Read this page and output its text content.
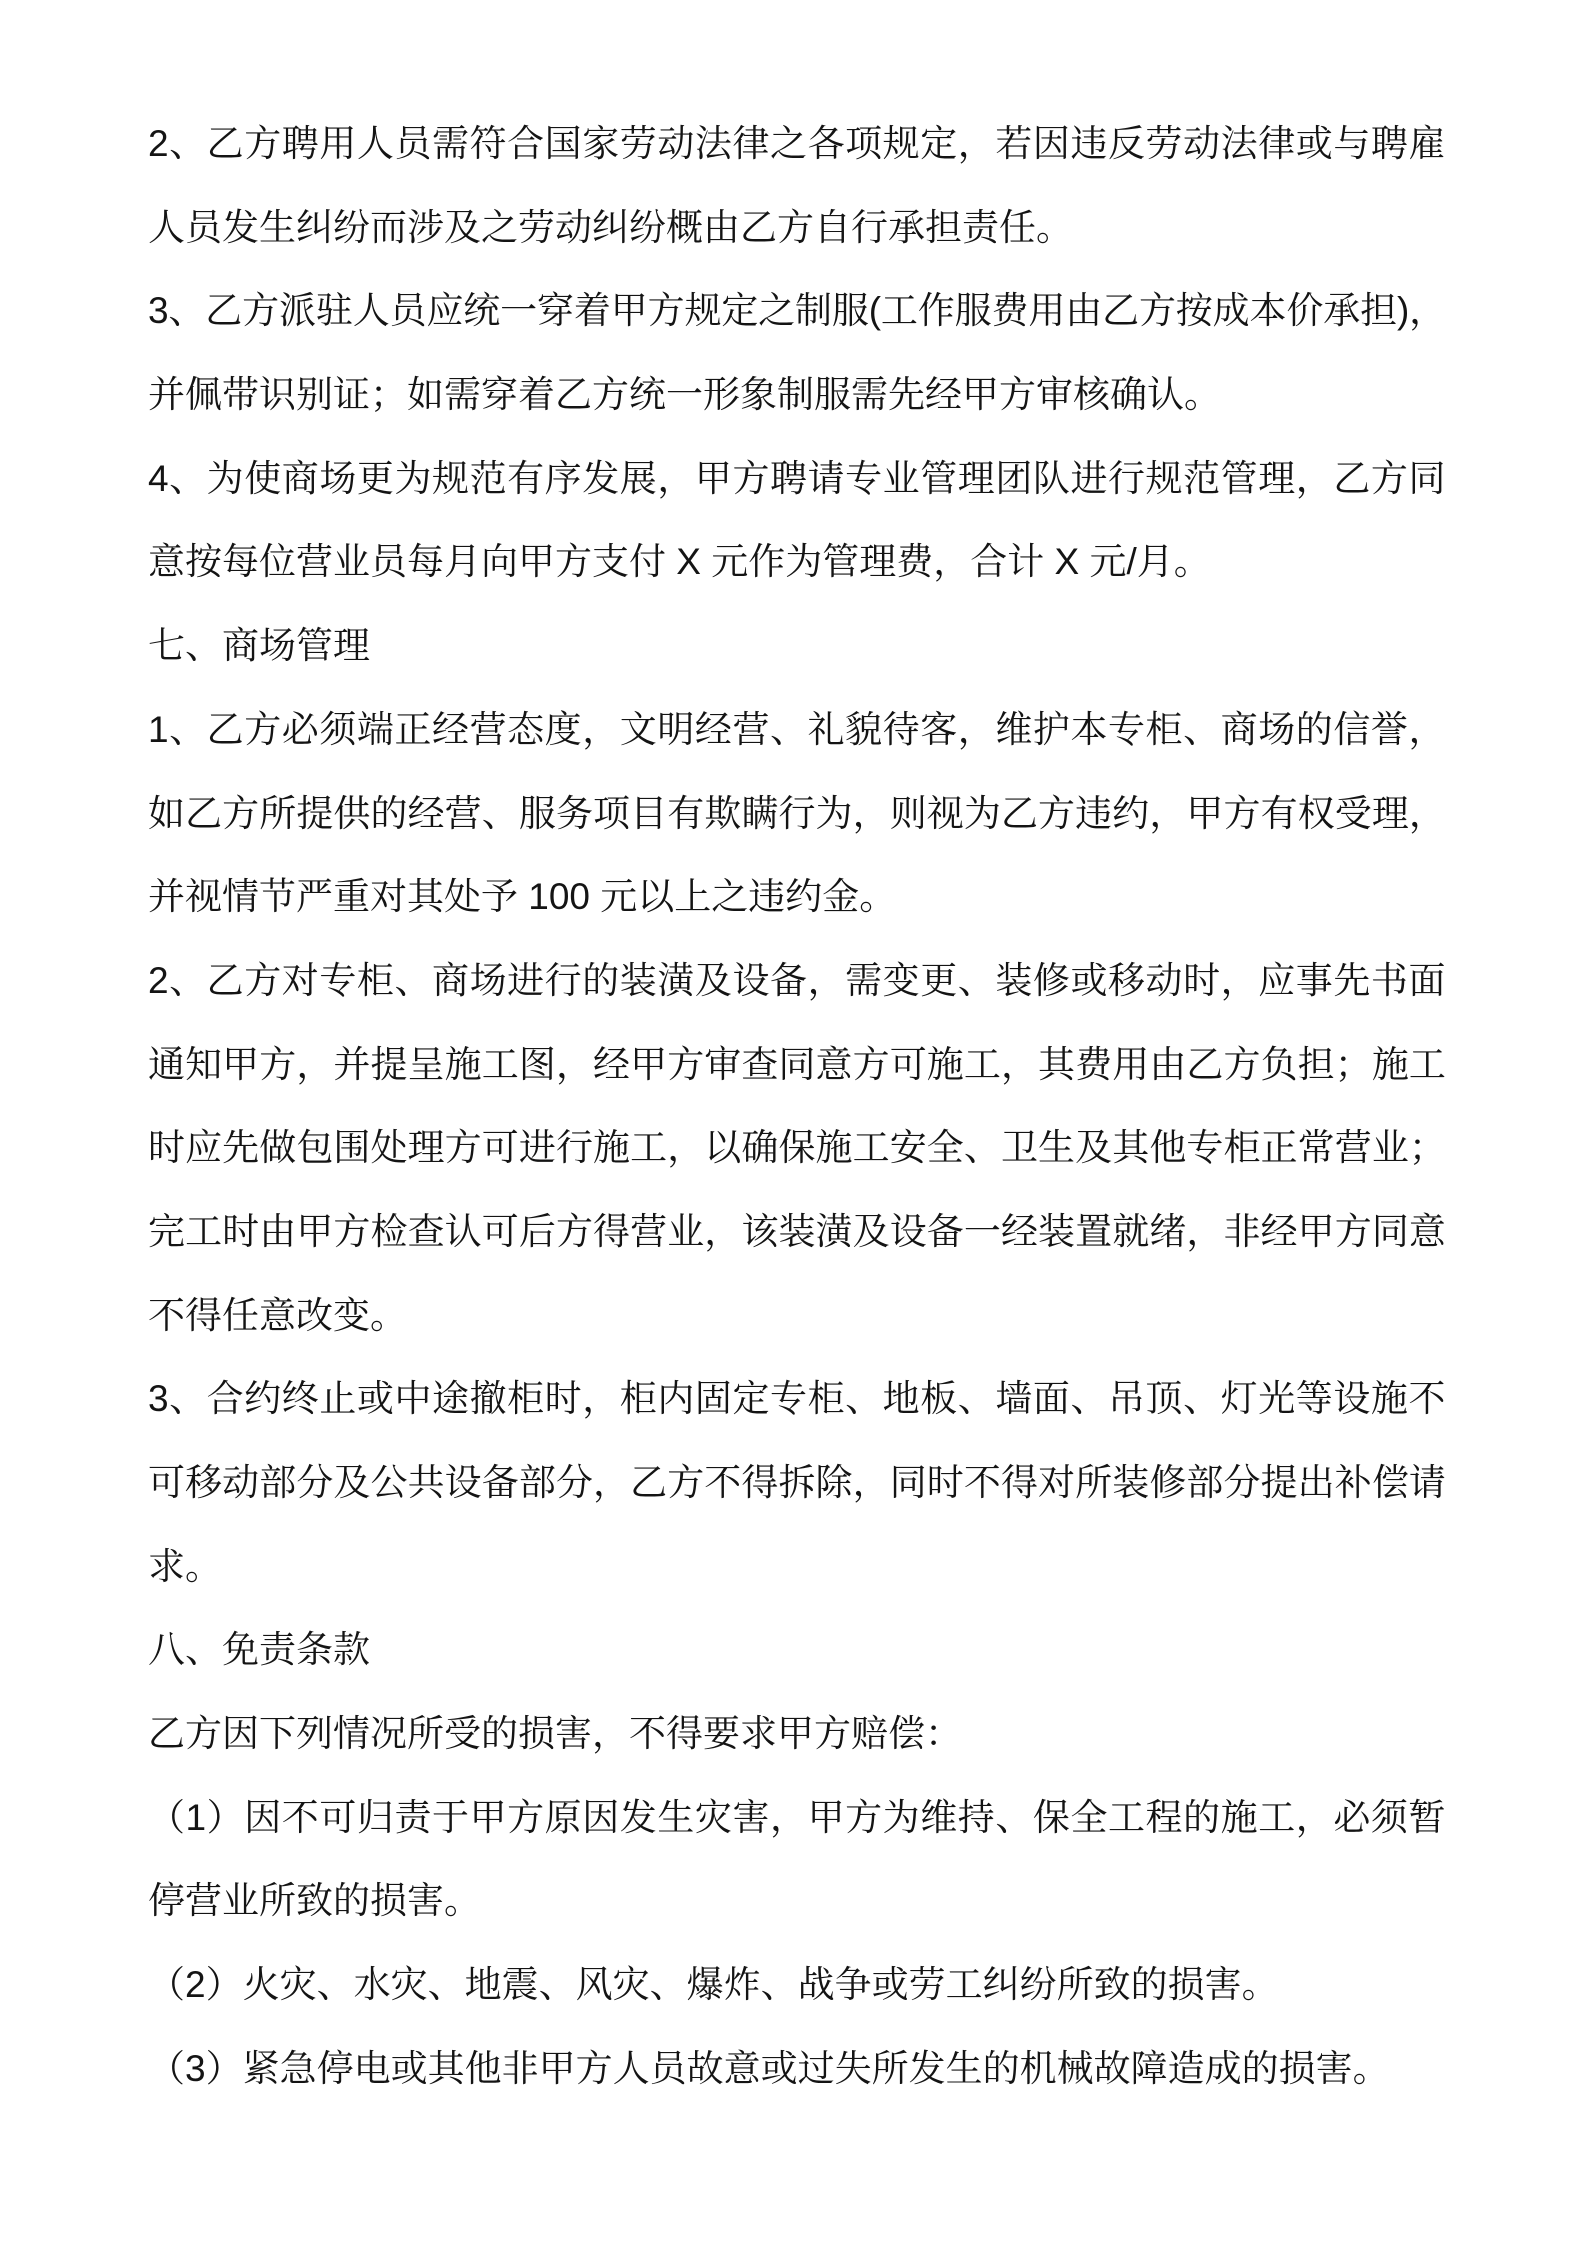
2、乙方聘用人员需符合国家劳动法律之各项规定，若因违反劳动法律或与聘雇
人员发生纠纷而涉及之劳动纠纷概由乙方自行承担责任。
3、乙方派驻人员应统一穿着甲方规定之制服(工作服费用由乙方按成本价承担)，
并佩带识别证；如需穿着乙方统一形象制服需先经甲方审核确认。
4、为使商场更为规范有序发展，甲方聘请专业管理团队进行规范管理，乙方同
意按每位营业员每月向甲方支付 X 元作为管理费，合计 X 元/月。
七、商场管理
1、乙方必须端正经营态度，文明经营、礼貌待客，维护本专柜、商场的信誉，
如乙方所提供的经营、服务项目有欺瞒行为，则视为乙方违约，甲方有权受理，
并视情节严重对其处予 100 元以上之违约金。
2、乙方对专柜、商场进行的装潢及设备，需变更、装修或移动时，应事先书面
通知甲方，并提呈施工图，经甲方审查同意方可施工，其费用由乙方负担；施工
时应先做包围处理方可进行施工，以确保施工安全、卫生及其他专柜正常营业；
完工时由甲方检查认可后方得营业，该装潢及设备一经装置就绪，非经甲方同意
不得任意改变。
3、合约终止或中途撤柜时，柜内固定专柜、地板、墙面、吊顶、灯光等设施不
可移动部分及公共设备部分，乙方不得拆除，同时不得对所装修部分提出补偿请
求。
八、免责条款
乙方因下列情况所受的损害，不得要求甲方赔偿：
（1）因不可归责于甲方原因发生灾害，甲方为维持、保全工程的施工，必须暂
停营业所致的损害。
（2）火灾、水灾、地震、风灾、爆炸、战争或劳工纠纷所致的损害。
（3）紧急停电或其他非甲方人员故意或过失所发生的机械故障造成的损害。
